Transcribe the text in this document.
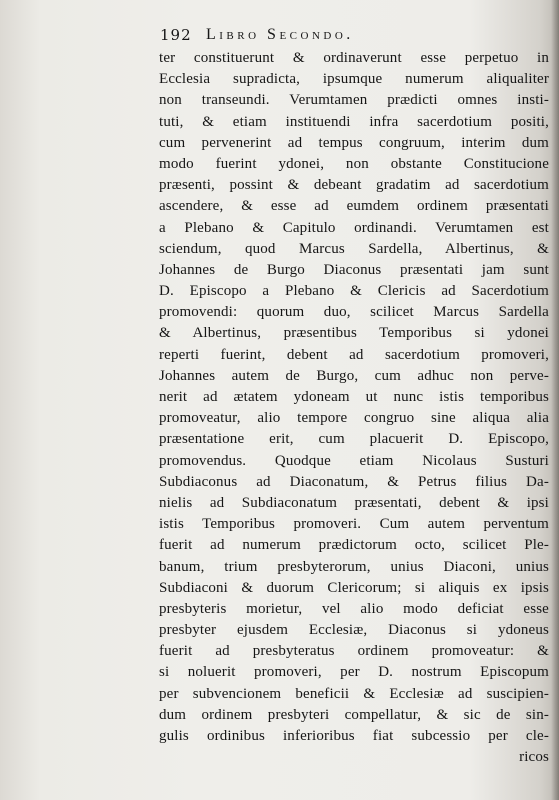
192 Libro Secondo.
ter constituerunt & ordinaverunt esse perpetuo in
Ecclesia supradicta, ipsumque numerum aliqualiter
non transeundi. Verumtamen prædicti omnes insti-
tuti, & etiam instituendi infra sacerdotium positi,
cum pervenerint ad tempus congruum, interim dum
modo fuerint ydonei, non obstante Constitucione
præsenti, possint & debeant gradatim ad sacerdotium
ascendere, & esse ad eumdem ordinem præsentati
a Plebano & Capitulo ordinandi. Verumtamen est
sciendum, quod Marcus Sardella, Albertinus, &
Johannes de Burgo Diaconus præsentati jam sunt
D. Episcopo a Plebano & Clericis ad Sacerdotium
promovendi: quorum duo, scilicet Marcus Sardella
& Albertinus, præsentibus Temporibus si ydonei
reperti fuerint, debent ad sacerdotium promoveri,
Johannes autem de Burgo, cum adhuc non perve-
nerit ad ætatem ydoneam ut nunc istis temporibus
promoveatur, alio tempore congruo sine aliqua alia
præsentatione erit, cum placuerit D. Episcopo,
promovendus. Quodque etiam Nicolaus Susturi
Subdiaconus ad Diaconatum, & Petrus filius Da-
nielis ad Subdiaconatum præsentati, debent & ipsi
istis Temporibus promoveri. Cum autem perventum
fuerit ad numerum prædictorum octo, scilicet Ple-
banum, trium presbyterorum, unius Diaconi, unius
Subdiaconi & duorum Clericorum; si aliquis ex ipsis
presbyteris morietur, vel alio modo deficiat esse
presbyter ejusdem Ecclesiæ, Diaconus si ydoneus
fuerit ad presbyteratus ordinem promoveatur: &
si noluerit promoveri, per D. nostrum Episcopum
per subvencionem beneficii & Ecclesiæ ad suscipien-
dum ordinem presbyteri compellatur, & sic de sin-
gulis ordinibus inferioribus fiat subcessio per cle-
ricos
